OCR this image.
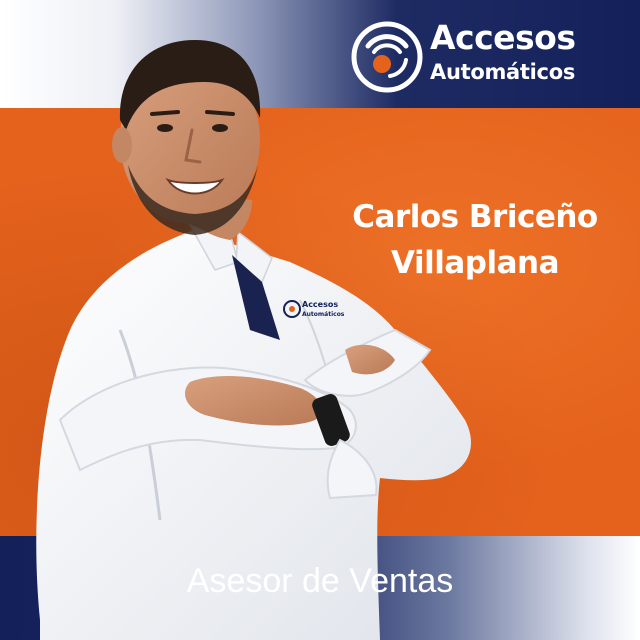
Accesos
Automáticos
Accesos
Automáticos
Carlos Briceño
Villaplana
Asesor de Ventas
